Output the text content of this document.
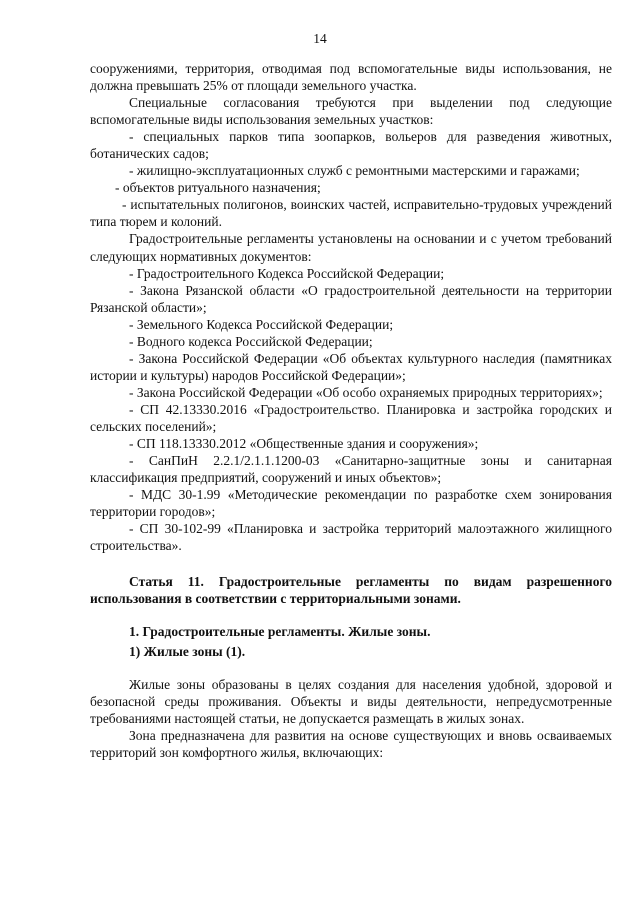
14

сооружениями, территория, отводимая под вспомогательные виды использования, не должна превышать 25% от площади земельного участка.

Специальные согласования требуются при выделении под следующие вспомогательные виды использования земельных участков:

- специальных парков типа зоопарков, вольеров для разведения животных, ботанических садов;

- жилищно-эксплуатационных служб с ремонтными мастерскими и гаражами;

- объектов ритуального назначения;

- испытательных полигонов, воинских частей, исправительно-трудовых учреждений типа тюрем и колоний.

Градостроительные регламенты установлены на основании и с учетом требований следующих нормативных документов:

- Градостроительного Кодекса Российской Федерации;

- Закона Рязанской области «О градостроительной деятельности на территории Рязанской области»;

- Земельного Кодекса Российской Федерации;

- Водного кодекса Российской Федерации;

- Закона Российской Федерации «Об объектах культурного наследия (памятниках истории и культуры) народов Российской Федерации»;

- Закона Российской Федерации «Об особо охраняемых природных территориях»;

- СП 42.13330.2016 «Градостроительство. Планировка и застройка городских и сельских поселений»;

- СП 118.13330.2012 «Общественные здания и сооружения»;

- СанПиН 2.2.1/2.1.1.1200-03 «Санитарно-защитные зоны и санитарная классификация предприятий, сооружений и иных объектов»;

- МДС 30-1.99 «Методические рекомендации по разработке схем зонирования территории городов»;

- СП 30-102-99 «Планировка и застройка территорий малоэтажного жилищного строительства».

Статья 11. Градостроительные регламенты по видам разрешенного использования в соответствии с территориальными зонами.

1. Градостроительные регламенты. Жилые зоны.

1) Жилые зоны (1).

Жилые зоны образованы в целях создания для населения удобной, здоровой и безопасной среды проживания. Объекты и виды деятельности, непредусмотренные требованиями настоящей статьи, не допускается размещать в жилых зонах.

Зона предназначена для развития на основе существующих и вновь осваиваемых территорий зон комфортного жилья, включающих:
